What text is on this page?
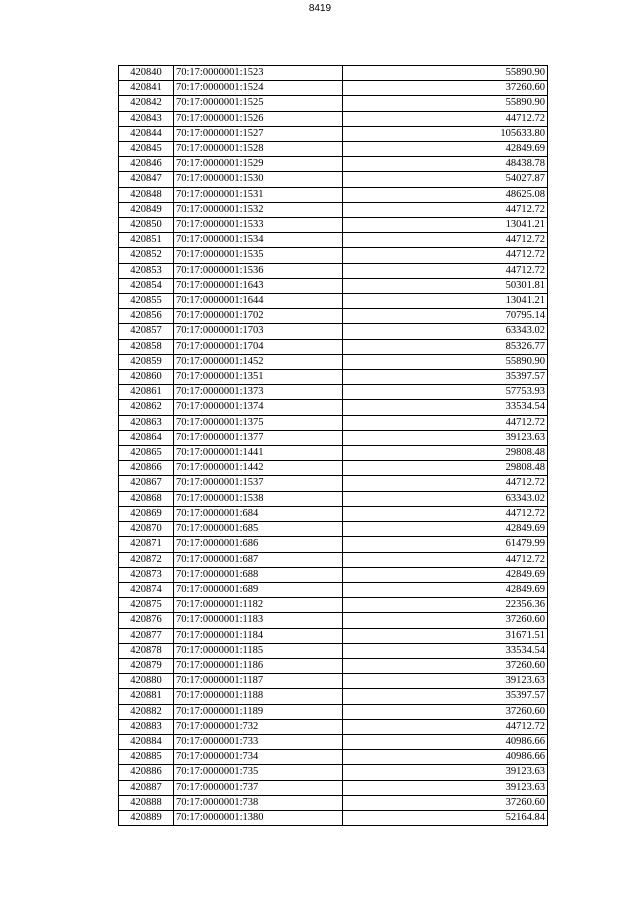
8419
420840	70:17:0000001:1523	55890.90
420841	70:17:0000001:1524	37260.60
420842	70:17:0000001:1525	55890.90
420843	70:17:0000001:1526	44712.72
420844	70:17:0000001:1527	105633.80
420845	70:17:0000001:1528	42849.69
420846	70:17:0000001:1529	48438.78
420847	70:17:0000001:1530	54027.87
420848	70:17:0000001:1531	48625.08
420849	70:17:0000001:1532	44712.72
420850	70:17:0000001:1533	13041.21
420851	70:17:0000001:1534	44712.72
420852	70:17:0000001:1535	44712.72
420853	70:17:0000001:1536	44712.72
420854	70:17:0000001:1643	50301.81
420855	70:17:0000001:1644	13041.21
420856	70:17:0000001:1702	70795.14
420857	70:17:0000001:1703	63343.02
420858	70:17:0000001:1704	85326.77
420859	70:17:0000001:1452	55890.90
420860	70:17:0000001:1351	35397.57
420861	70:17:0000001:1373	57753.93
420862	70:17:0000001:1374	33534.54
420863	70:17:0000001:1375	44712.72
420864	70:17:0000001:1377	39123.63
420865	70:17:0000001:1441	29808.48
420866	70:17:0000001:1442	29808.48
420867	70:17:0000001:1537	44712.72
420868	70:17:0000001:1538	63343.02
420869	70:17:0000001:684	44712.72
420870	70:17:0000001:685	42849.69
420871	70:17:0000001:686	61479.99
420872	70:17:0000001:687	44712.72
420873	70:17:0000001:688	42849.69
420874	70:17:0000001:689	42849.69
420875	70:17:0000001:1182	22356.36
420876	70:17:0000001:1183	37260.60
420877	70:17:0000001:1184	31671.51
420878	70:17:0000001:1185	33534.54
420879	70:17:0000001:1186	37260.60
420880	70:17:0000001:1187	39123.63
420881	70:17:0000001:1188	35397.57
420882	70:17:0000001:1189	37260.60
420883	70:17:0000001:732	44712.72
420884	70:17:0000001:733	40986.66
420885	70:17:0000001:734	40986.66
420886	70:17:0000001:735	39123.63
420887	70:17:0000001:737	39123.63
420888	70:17:0000001:738	37260.60
420889	70:17:0000001:1380	52164.84
